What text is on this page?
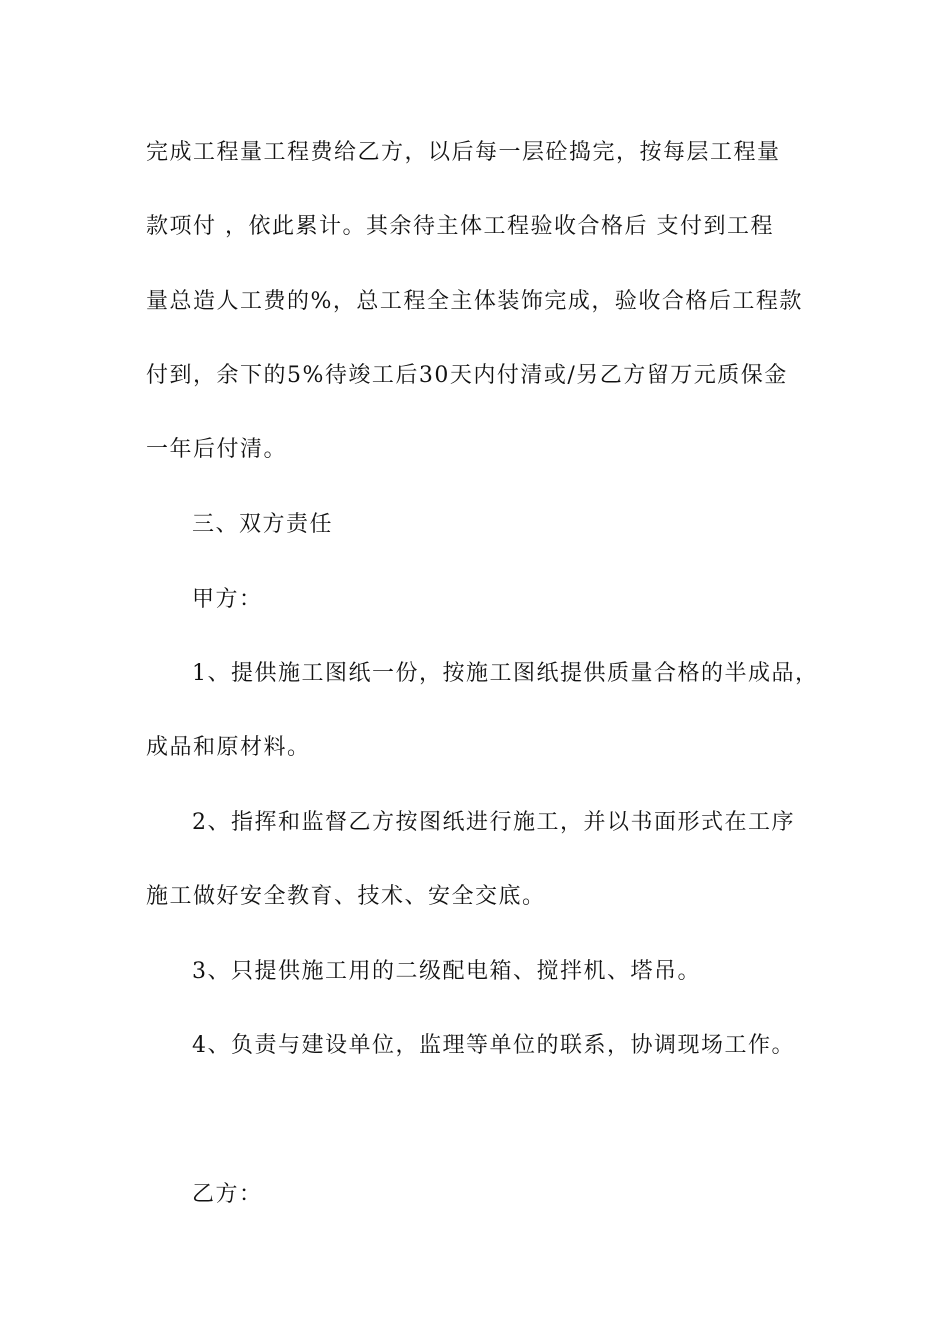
完成工程量工程费给乙方，以后每一层砼捣完，按每层工程量
款项付 ，依此累计。其余待主体工程验收合格后 支付到工程
量总造人工费的%，总工程全主体装饰完成，验收合格后工程款
付到，余下的5%待竣工后30天内付清或/另乙方留万元质保金
一年后付清。
三、双方责任
甲方：
1、提供施工图纸一份，按施工图纸提供质量合格的半成品，
成品和原材料。
2、指挥和监督乙方按图纸进行施工，并以书面形式在工序
施工做好安全教育、技术、安全交底。
3、只提供施工用的二级配电箱、搅拌机、塔吊。
4、负责与建设单位，监理等单位的联系，协调现场工作。
乙方：
